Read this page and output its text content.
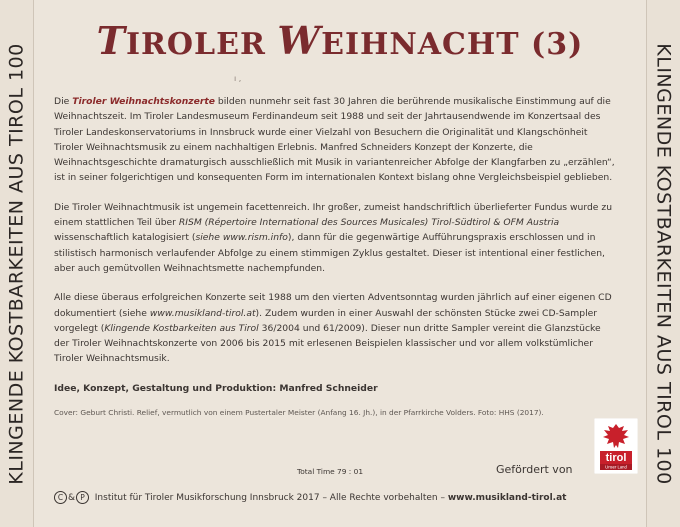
KLINGENDE KOSTBARKEITEN AUS TIROL 100	KLINGENDE KOSTBARKEITEN AUS TIROL 100
TIROLER WEIHNACHT (3)
ı ,

Die Tiroler Weihnachtskonzerte bilden nunmehr seit fast 30 Jahren die berührende musikalische Einstimmung auf die Weihnachtszeit. Im Tiroler Landesmuseum Ferdinandeum seit 1988 und seit der Jahrtausendwende im Konzertsaal des Tiroler Landeskonservatoriums in Innsbruck wurde einer Vielzahl von Besuchern die Originalität und Klangschönheit Tiroler Weihnachtsmusik zu einem nachhaltigen Erlebnis. Manfred Schneiders Konzept der Konzerte, die Weihnachtsgeschichte dramaturgisch ausschließlich mit Musik in variantenreicher Abfolge der Klangfarben zu „erzählen“, ist in seiner folgerichtigen und konsequenten Form im internationalen Kontext bislang ohne Vergleichsbeispiel geblieben.

Die Tiroler Weihnachtmusik ist ungemein facettenreich. Ihr großer, zumeist handschriftlich überlieferter Fundus wurde zu einem stattlichen Teil über RISM (Répertoire International des Sources Musicales) Tirol-Südtirol & OFM Austria wissenschaftlich katalogisiert (siehe www.rism.info), dann für die gegenwärtige Aufführungspraxis erschlossen und in stilistisch harmonisch verlaufender Abfolge zu einem stimmigen Zyklus gestaltet. Dieser ist intentional einer festlichen, aber auch gemütvollen Weihnachtsmette nachempfunden.

Alle diese überaus erfolgreichen Konzerte seit 1988 um den vierten Adventsonntag wurden jährlich auf einer eigenen CD dokumentiert (siehe www.musikland-tirol.at). Zudem wurden in einer Auswahl der schönsten Stücke zwei CD-Sampler vorgelegt (Klingende Kostbarkeiten aus Tirol 36/2004 und 61/2009). Dieser nun dritte Sampler vereint die Glanzstücke der Tiroler Weihnachtskonzerte von 2006 bis 2015 mit erlesenen Beispielen klassischer und vor allem volkstümlicher Tiroler Weihnachtsmusik.

Idee, Konzept, Gestaltung und Produktion: Manfred Schneider

Cover: Geburt Christi. Relief, vermutlich von einem Pustertaler Meister (Anfang 16. Jh.), in der Pfarrkirche Volders. Foto: HHS (2017).

Total Time 79 : 01	Gefördert von
tirol
Unser Land
C & P Institut für Tiroler Musikforschung Innsbruck 2017 – Alle Rechte vorbehalten – www.musikland-tirol.at
